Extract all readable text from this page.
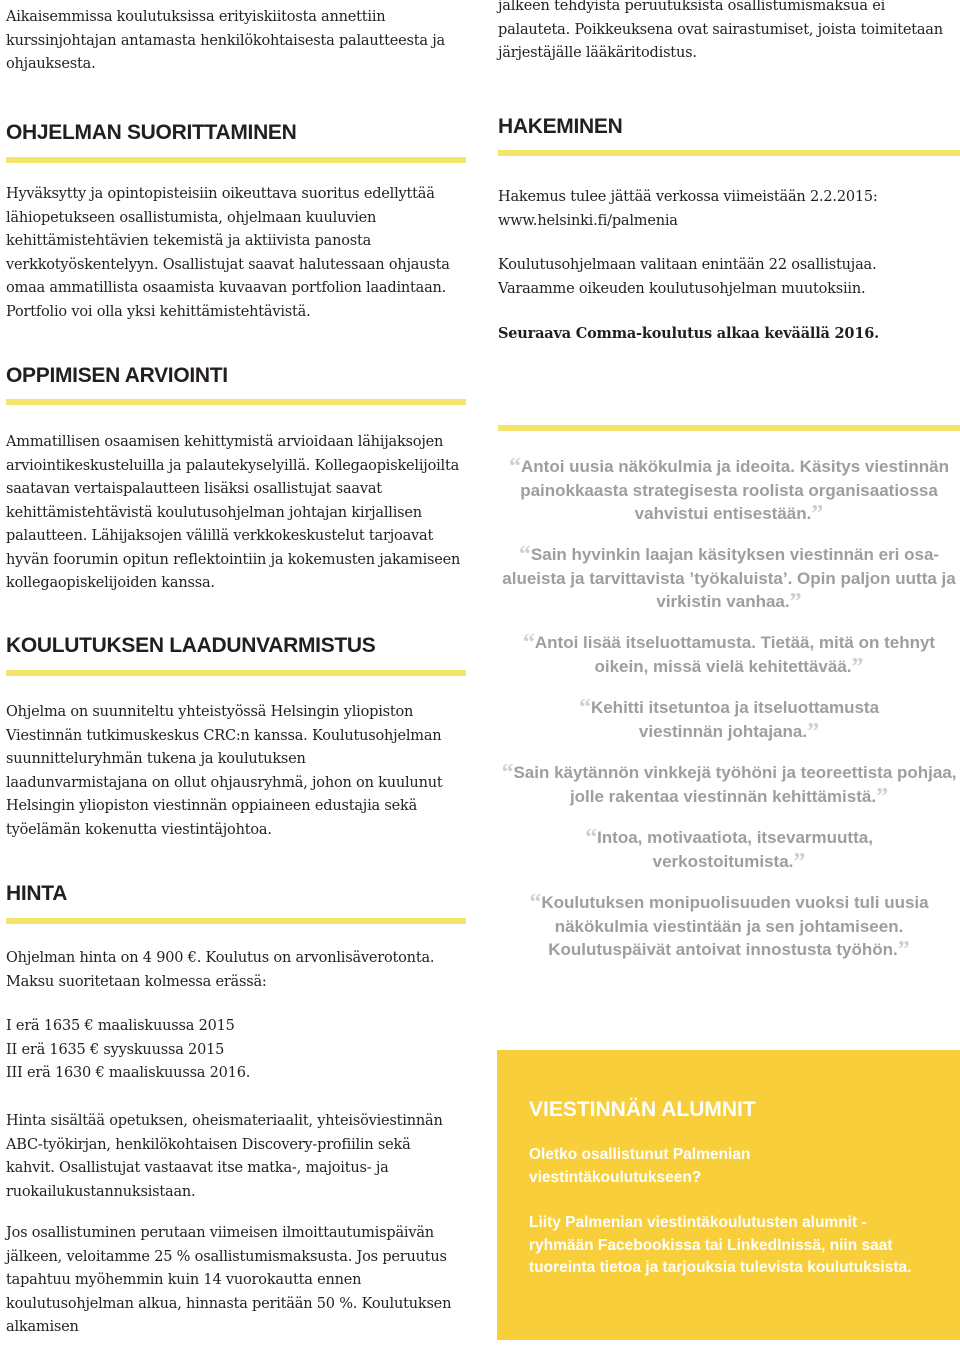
Aikaisemmissa koulutuksissa erityiskiitosta annettiin kurssinjohtajan antamasta henkilökohtaisesta palautteesta ja ohjauksesta.

OHJELMAN SUORITTAMINEN

Hyväksytty ja opintopisteisiin oikeuttava suoritus edellyttää lähiopetukseen osallistumista, ohjelmaan kuuluvien kehittämistehtävien tekemistä ja aktiivista panosta verkkotyöskentelyyn. Osallistujat saavat halutessaan ohjausta omaa ammatillista osaamista kuvaavan portfolion laadintaan. Portfolio voi olla yksi kehittämistehtävistä.

OPPIMISEN ARVIOINTI

Ammatillisen osaamisen kehittymistä arvioidaan lähijaksojen arviointikeskusteluilla ja palautekyselyillä. Kollegaopiskelijoilta saatavan vertaispalautteen lisäksi osallistujat saavat kehittämistehtävistä koulutusohjelman johtajan kirjallisen palautteen. Lähijaksojen välillä verkkokeskustelut tarjoavat hyvän foorumin opitun reflektointiin ja kokemusten jakamiseen kollegaopiskelijoiden kanssa.

KOULUTUKSEN LAADUNVARMISTUS

Ohjelma on suunniteltu yhteistyössä Helsingin yliopiston Viestinnän tutkimuskeskus CRC:n kanssa. Koulutusohjelman suunnitteluryhmän tukena ja koulutuksen laadunvarmistajana on ollut ohjausryhmä, johon on kuulunut Helsingin yliopiston viestinnän oppiaineen edustajia sekä työelämän kokenutta viestintäjohtoa.

HINTA

Ohjelman hinta on 4 900 €. Koulutus on arvonlisäverotonta. Maksu suoritetaan kolmessa erässä:

I erä 1635 € maaliskuussa 2015

II erä 1635 € syyskuussa 2015

III erä 1630 € maaliskuussa 2016.

Hinta sisältää opetuksen, oheismateriaalit, yhteisöviestinnän ABC-työkirjan, henkilökohtaisen Discovery-profiilin sekä kahvit. Osallistujat vastaavat itse matka-, majoitus- ja ruokailukustannuksistaan.

Jos osallistuminen perutaan viimeisen ilmoittautumispäivän jälkeen, veloitamme 25 % osallistumismaksusta. Jos peruutus tapahtuu myöhemmin kuin 14 vuorokautta ennen koulutusohjelman alkua, hinnasta peritään 50 %. Koulutuksen alkamisen

jälkeen tehdyistä peruutuksista osallistumismaksua ei palauteta. Poikkeuksena ovat sairastumiset, joista toimitetaan järjestäjälle lääkäritodistus.

HAKEMINEN

Hakemus tulee jättää verkossa viimeistään 2.2.2015:

www.helsinki.fi/palmenia

Koulutusohjelmaan valitaan enintään 22 osallistujaa.

Varaamme oikeuden koulutusohjelman muutoksiin.

Seuraava Comma-koulutus alkaa keväällä 2016.

“Antoi uusia näkökulmia ja ideoita. Käsitys viestinnän painokkaasta strategisesta roolista organisaatiossa vahvistui entisestään.”

“Sain hyvinkin laajan käsityksen viestinnän eri osa-alueista ja tarvittavista ’työkaluista’. Opin paljon uutta ja virkistin vanhaa.”

“Antoi lisää itseluottamusta. Tietää, mitä on tehnyt oikein, missä vielä kehitettävää.”

“Kehitti itsetuntoa ja itseluottamusta viestinnän johtajana.”

“Sain käytännön vinkkejä työhöni ja teoreettista pohjaa, jolle rakentaa viestinnän kehittämistä.”

“Intoa, motivaatiota, itsevarmuutta, verkostoitumista.”

“Koulutuksen monipuolisuuden vuoksi tuli uusia näkökulmia viestintään ja sen johtamiseen. Koulutuspäivät antoivat innostusta työhön.”

VIESTINNÄN ALUMNIT

Oletko osallistunut Palmenian viestintäkoulutukseen?

Liity Palmenian viestintäkoulutusten alumnit -ryhmään Facebookissa tai LinkedInissä, niin saat tuoreinta tietoa ja tarjouksia tulevista koulutuksista.
